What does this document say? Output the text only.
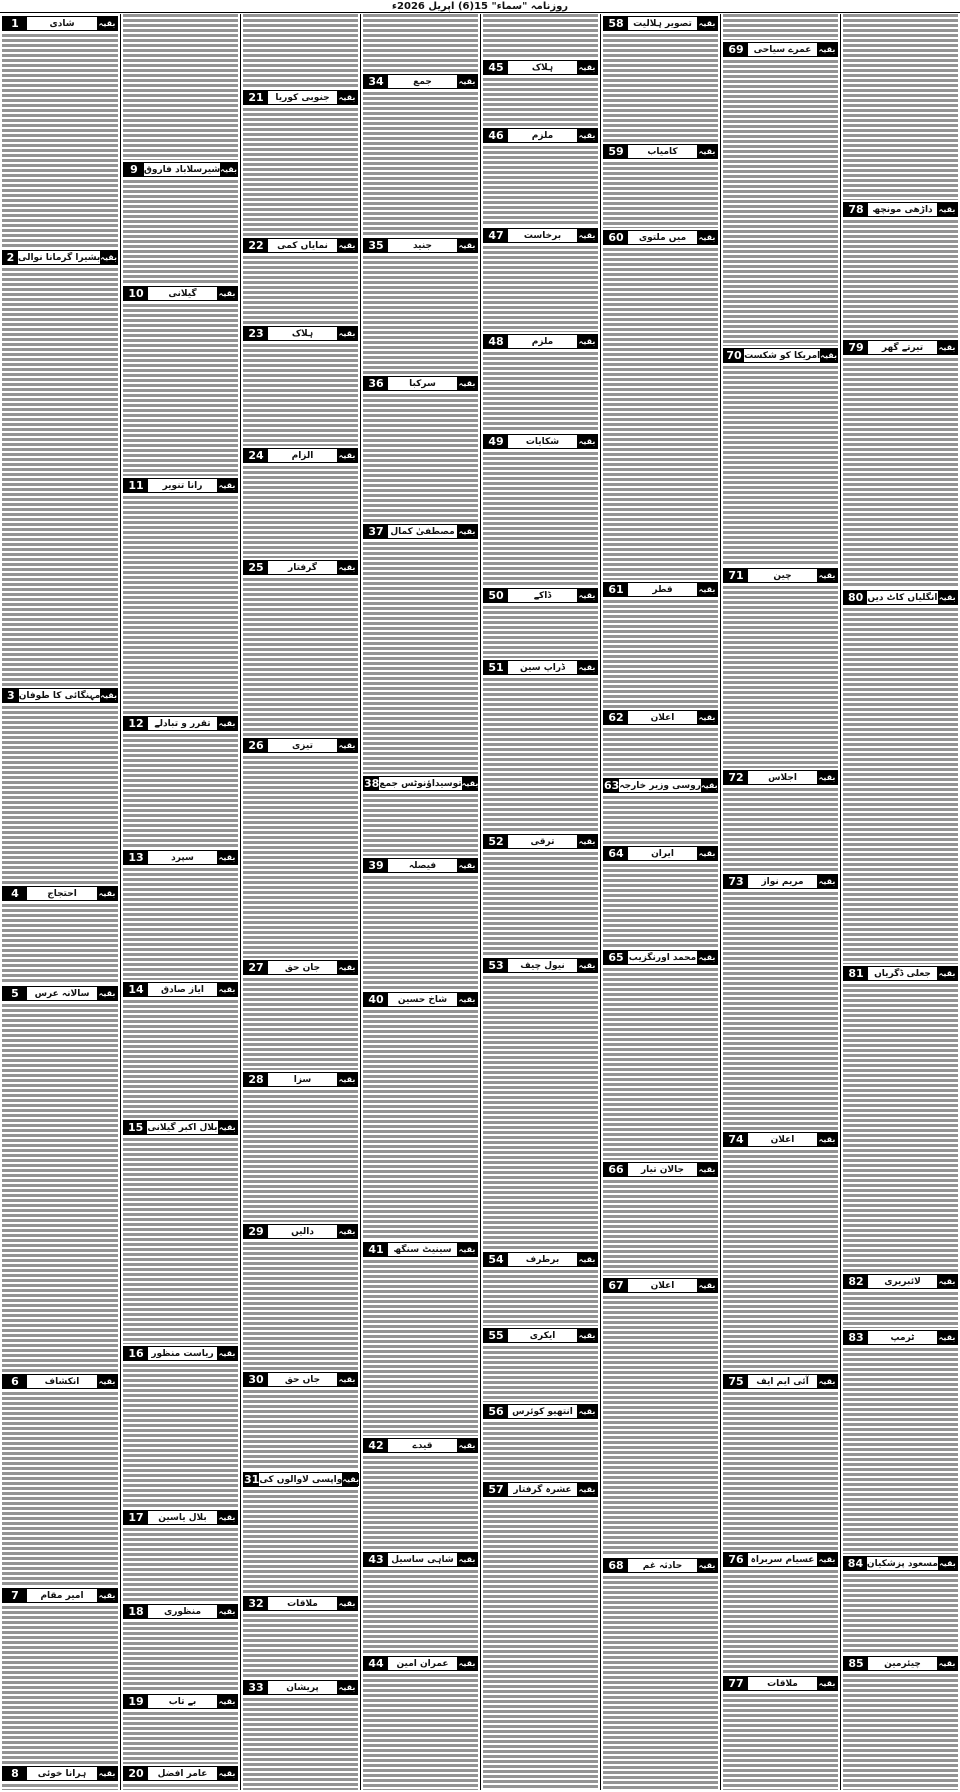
روزنامہ "سماء" 15(6) اپریل 2026ء
78 داڑھی مونچھ بقیہ
79	تیرتے گھر	بقیہ
80 انگلیاں کاٹ دیں بقیہ
81	جعلی ڈگریاں بقیہ
82	لائبریری	بقیہ
83	ٹرمپ	بقیہ
84 مسعود پزشکیان بقیہ
85	چیئرمین	بقیہ
69	عمرے سیاحی بقیہ
70 امریکا کو شکست بقیہ
71	چین	بقیہ
72	اجلاس	بقیہ
73	مریم نواز	بقیہ
74	اعلان	بقیہ
75	آئی ایم ایف	بقیہ
76 عسیام سربراہ بقیہ
77	ملاقات	بقیہ
58	تصویر ہلالیت بقیہ
59	کامیاب	بقیہ
60	میں ملتوی	بقیہ
61	قطر	بقیہ
62	اعلان	بقیہ
63 روسی وزیر خارجہ بقیہ
64	ایران	بقیہ
65 محمد اورنگزیب بقیہ
66	جالان تیار	بقیہ
67	اعلان	بقیہ
68	حادثہ غم	بقیہ
45	ہلاک	بقیہ
46	ملزم	بقیہ
47	برخاست	بقیہ
48	ملزم	بقیہ
49	شکایات	بقیہ
50	ڈاکے	بقیہ
51	ڈراپ سین	بقیہ
52	ترقی	بقیہ
53	نیول چیف	بقیہ
54	برطرف	بقیہ
55	ایکری	بقیہ
56 انتھیو کوئرس بقیہ
57	عشرہ گرفتار بقیہ
34	جمع	بقیہ
35	جنید	بقیہ
36	سرکبا	بقیہ
37 مصطفیٰ کمال بقیہ
38 توسیداؤنوٹس جمع بقیہ
39	فیصلہ	بقیہ
40	شاخ حسین	بقیہ
41	سینیٹ سنگھ بقیہ
42	قیدے	بقیہ
43 شاہی ساسیل بقیہ
44	عمران امین	بقیہ
21	جنوبی کوریا	بقیہ
22	نمایاں کمی	بقیہ
23	ہلاک	بقیہ
24	الزام	بقیہ
25	گرفتار	بقیہ
26	تیزی	بقیہ
27	جان حق	بقیہ
28	سزا	بقیہ
29	دالیں	بقیہ
30	جاں حق	بقیہ
31 واپسی لاوالوں کی بقیہ
32	ملاقات	بقیہ
33	پریشان	بقیہ
9 شیرسلاباد فاروق بقیہ
10	گیلانی	بقیہ
11	رانا تنویر	بقیہ
12	تقرر و تبادلے	بقیہ
13	سپرد	بقیہ
14	ایاز صادق	بقیہ
15 بلال اکبر گیلانی بقیہ
16 ریاست منظور بقیہ
17	بلال یاسین	بقیہ
18	منظوری	بقیہ
19	بے تاب	بقیہ
20	عامر افضل	بقیہ
1	شادی	بقیہ
2 بشیرا گرمانا نوالی بقیہ
3 مہنگائی کا طوفان بقیہ
4	احتجاج	بقیہ
5	سالانہ عرس	بقیہ
6	انکشاف	بقیہ
7	امیر مقام	بقیہ
8	ہرانا خوئی	بقیہ
